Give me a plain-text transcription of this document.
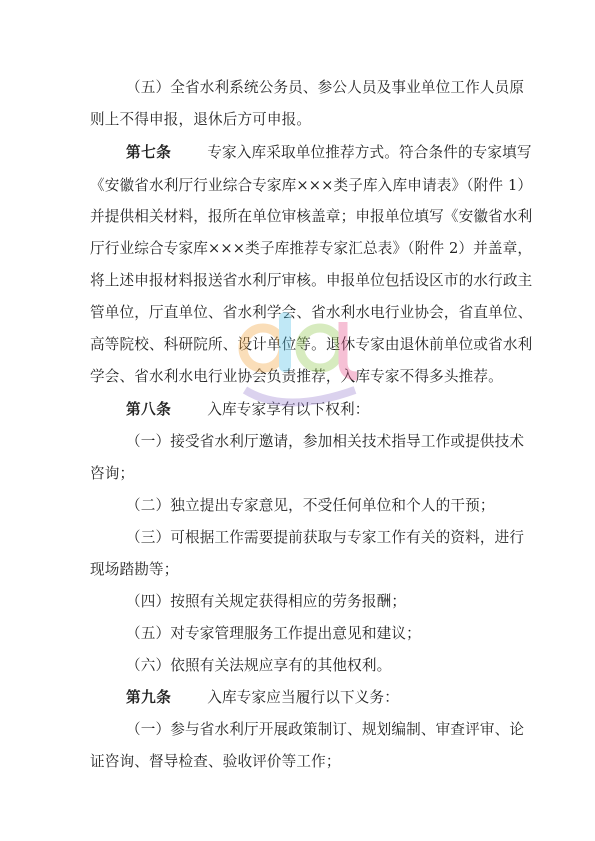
（五）全省水利系统公务员、参公人员及事业单位工作人员原
则上不得申报，退休后方可申报。
第七条 专家入库采取单位推荐方式。符合条件的专家填写
《安徽省水利厅行业综合专家库×××类子库入库申请表》（附件 1）
并提供相关材料，报所在单位审核盖章；申报单位填写《安徽省水利
厅行业综合专家库×××类子库推荐专家汇总表》（附件 2）并盖章，
将上述申报材料报送省水利厅审核。申报单位包括设区市的水行政主
管单位，厅直单位、省水利学会、省水利水电行业协会，省直单位、
高等院校、科研院所、设计单位等。退休专家由退休前单位或省水利
学会、省水利水电行业协会负责推荐，入库专家不得多头推荐。
第八条 入库专家享有以下权利：
（一）接受省水利厅邀请，参加相关技术指导工作或提供技术
咨询；
（二）独立提出专家意见，不受任何单位和个人的干预；
（三）可根据工作需要提前获取与专家工作有关的资料，进行
现场踏勘等；
（四）按照有关规定获得相应的劳务报酬；
（五）对专家管理服务工作提出意见和建议；
（六）依照有关法规应享有的其他权利。
第九条 入库专家应当履行以下义务：
（一）参与省水利厅开展政策制订、规划编制、审查评审、论
证咨询、督导检查、验收评价等工作；
